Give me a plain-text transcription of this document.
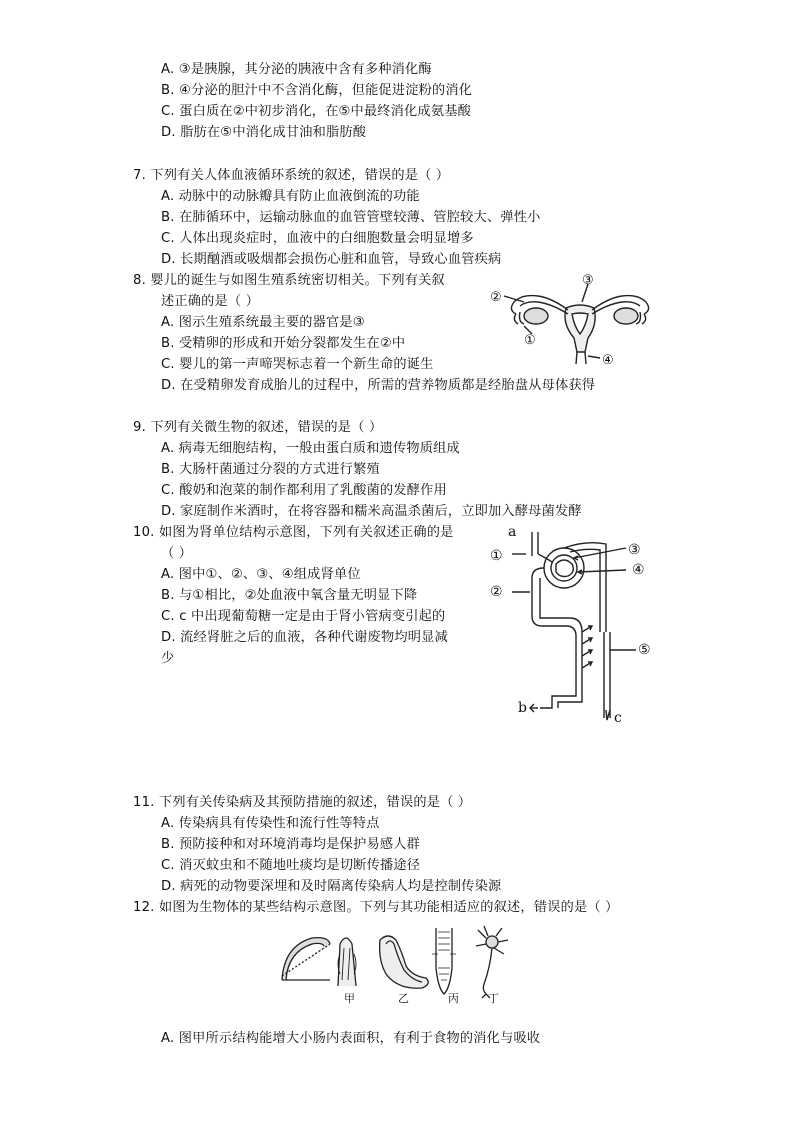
A. ③是胰腺，其分泌的胰液中含有多种消化酶
B. ④分泌的胆汁中不含消化酶，但能促进淀粉的消化
C. 蛋白质在②中初步消化，在⑤中最终消化成氨基酸
D. 脂肪在⑤中消化成甘油和脂肪酸
7. 下列有关人体血液循环系统的叙述，错误的是（ ）
A. 动脉中的动脉瓣具有防止血液倒流的功能
B. 在肺循环中，运输动脉血的血管管壁较薄、管腔较大、弹性小
C. 人体出现炎症时，血液中的白细胞数量会明显增多
D. 长期酗酒或吸烟都会损伤心脏和血管，导致心血管疾病
8. 婴儿的诞生与如图生殖系统密切相关。下列有关叙
述正确的是（ ）
A. 图示生殖系统最主要的器官是③
B. 受精卵的形成和开始分裂都发生在②中
C. 婴儿的第一声啼哭标志着一个新生命的诞生
D. 在受精卵发育成胎儿的过程中，所需的营养物质都是经胎盘从母体获得
①
②
③
④
9. 下列有关微生物的叙述，错误的是（ ）
A. 病毒无细胞结构，一般由蛋白质和遗传物质组成
B. 大肠杆菌通过分裂的方式进行繁殖
C. 酸奶和泡菜的制作都利用了乳酸菌的发酵作用
D. 家庭制作米酒时，在将容器和糯米高温杀菌后，立即加入酵母菌发酵
10. 如图为肾单位结构示意图，下列有关叙述正确的是
（ ）
A. 图中①、②、③、④组成肾单位
B. 与①相比，②处血液中氧含量无明显下降
C. c 中出现葡萄糖一定是由于肾小管病变引起的
D. 流经肾脏之后的血液，各种代谢废物均明显减
少
①
②
③
④
⑤
a
b
c
11. 下列有关传染病及其预防措施的叙述，错误的是（ ）
A. 传染病具有传染性和流行性等特点
B. 预防接种和对环境消毒均是保护易感人群
C. 消灭蚊虫和不随地吐痰均是切断传播途径
D. 病死的动物要深埋和及时隔离传染病人均是控制传染源
12. 如图为生物体的某些结构示意图。下列与其功能相适应的叙述，错误的是（ ）
甲	乙	丙	丁
A. 图甲所示结构能增大小肠内表面积，有利于食物的消化与吸收
